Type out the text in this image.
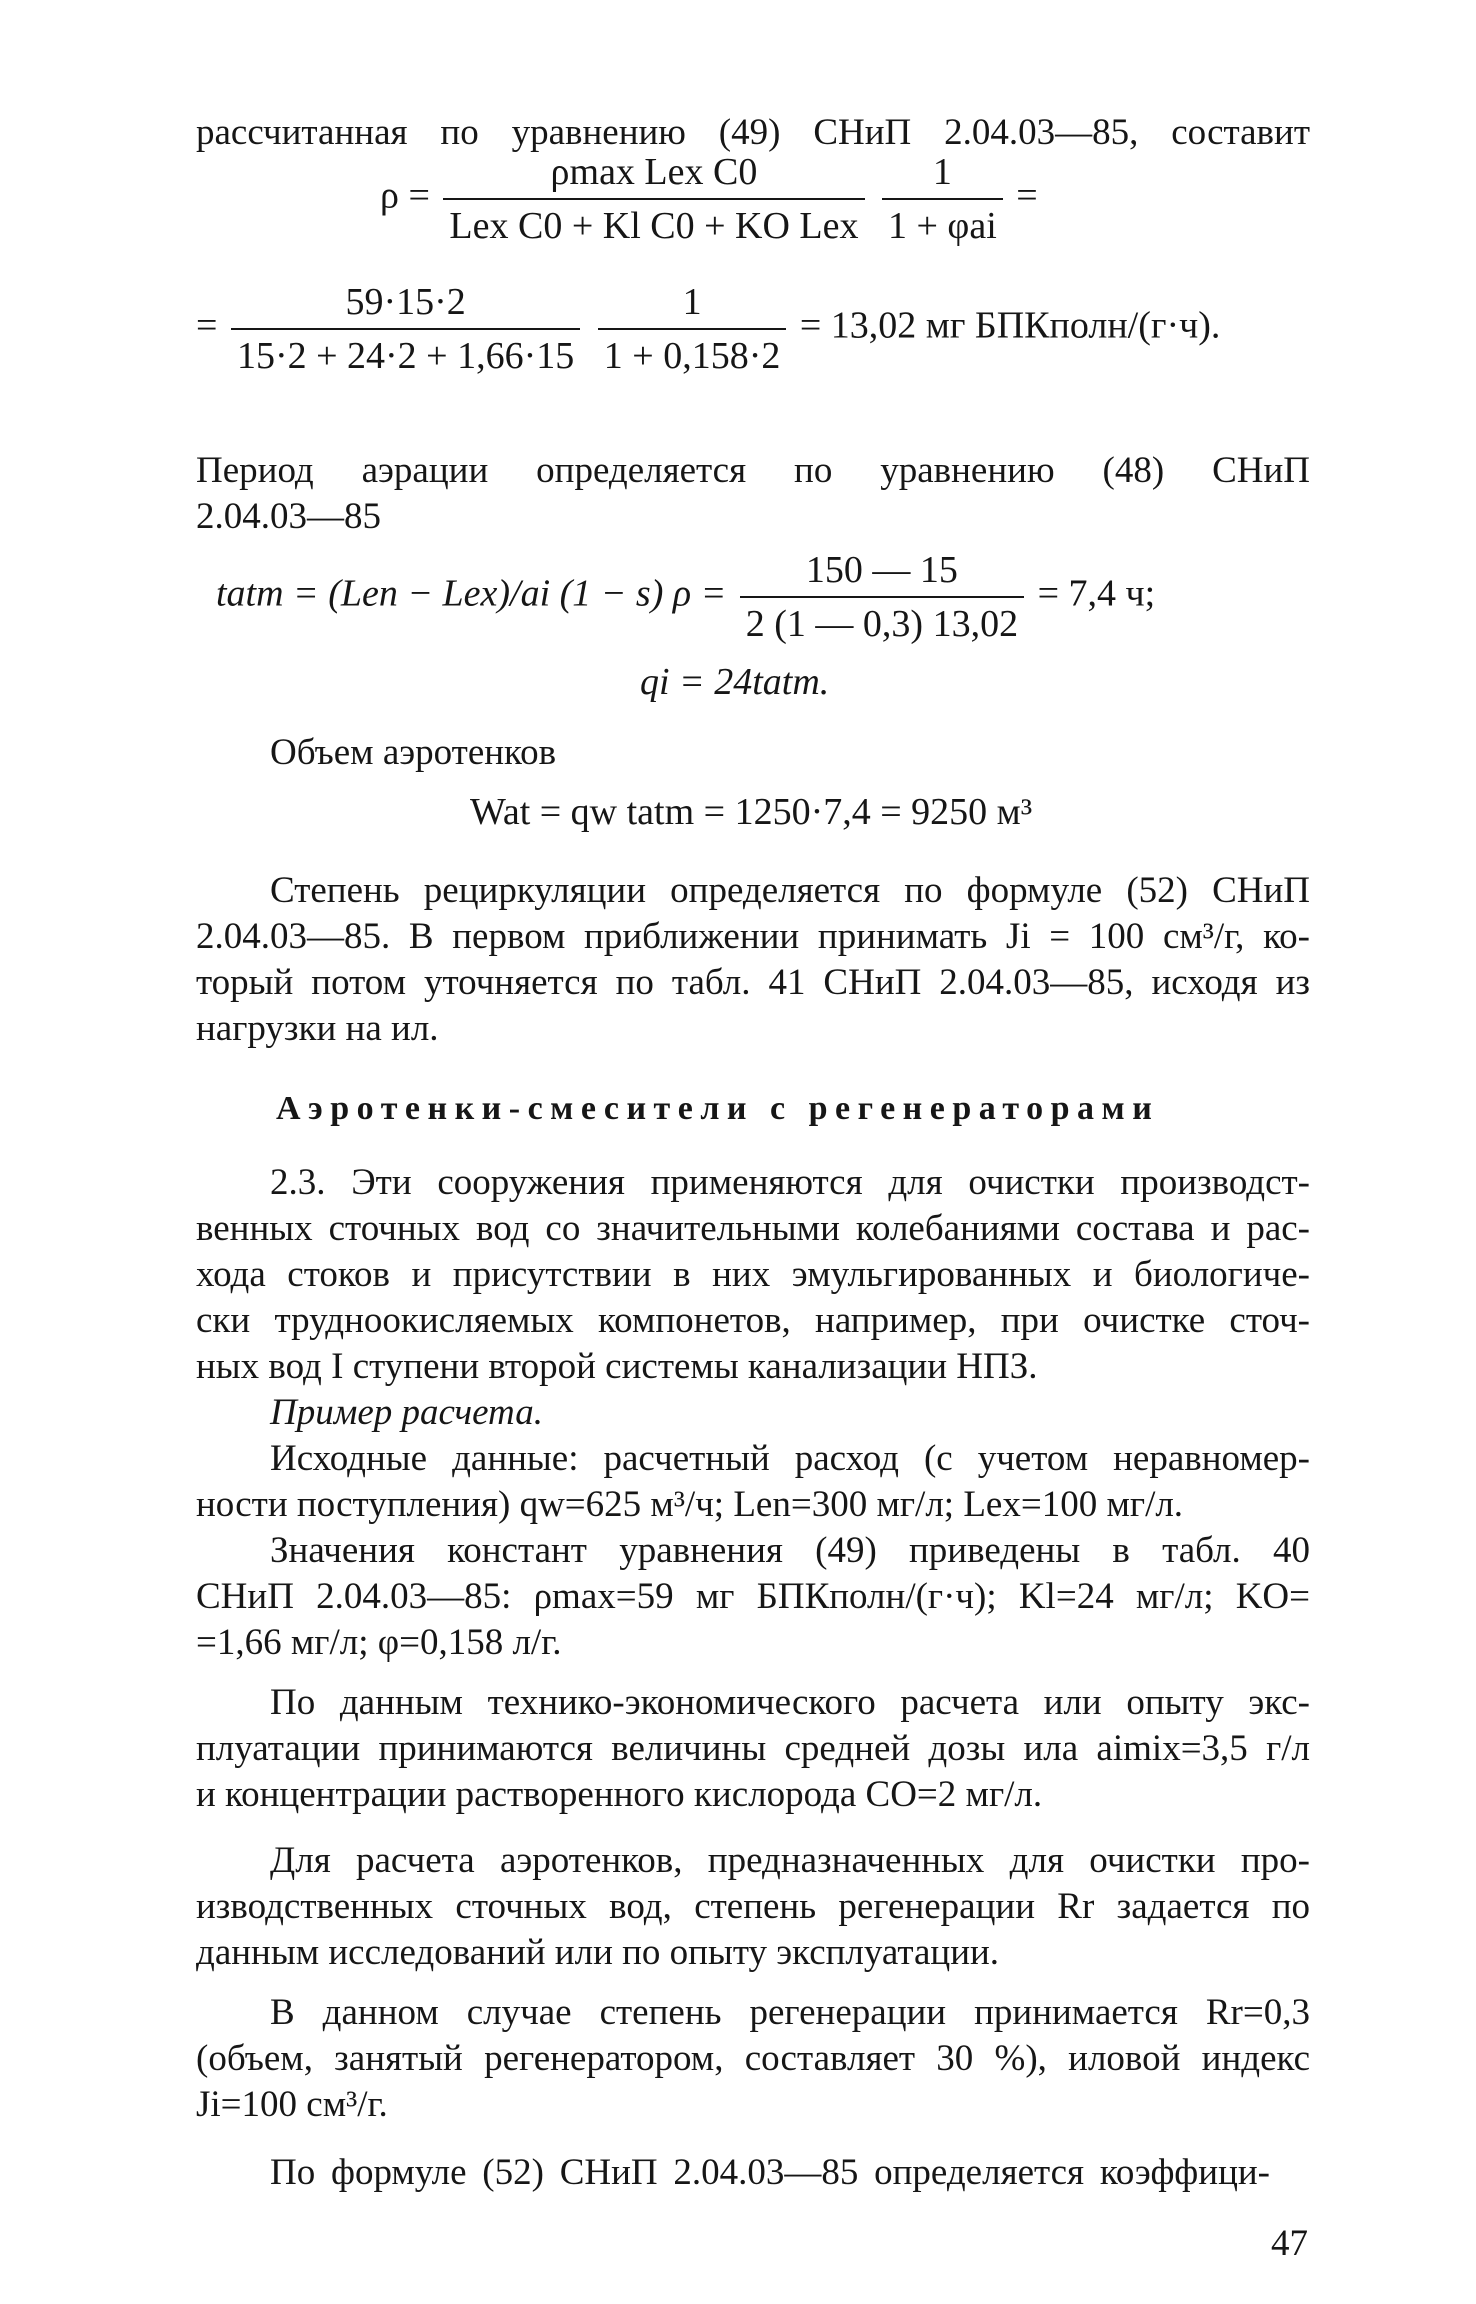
рассчитанная по уравнению (49) СНиП 2.04.03—85, составит
$\rho = \frac{\text{ρmax Lex C0}}{\text{Lex C0 + Kl C0 + KO Lex}}$
$\frac{1}{\text{1 + φai}}$ =
= $\frac{59\cdot 15\cdot 2}{15\cdot 2 + 24\cdot 2 + 1,66\cdot 15}$
$\frac{1}{1 + 0,158\cdot 2} = 13,02$ мг БПКполн/(г·ч).
Период аэрации определяется по уравнению (48) СНиП
2.04.03—85
tatm = (Len − Lex)/ai (1 − s) $\rho = \frac{150 — 15}{2 (1 — 0,3) 13,02} = 7,4$ ч;
qi = 24tatm.
Объем аэротенков
Wat = qw tatm = 1250·7,4 = 9250 м³
Степень рециркуляции определяется по формуле (52) СНиП
2.04.03—85. В первом приближении принимать Ji = 100 см³/г, ко-
торый потом уточняется по табл. 41 СНиП 2.04.03—85, исходя из
нагрузки на ил.
Аэротенки-смесители с регенераторами
2.3. Эти сооружения применяются для очистки производст-
венных сточных вод со значительными колебаниями состава и рас-
хода стоков и присутствии в них эмульгированных и биологиче-
ски трудноокисляемых компонетов, например, при очистке сточ-
ных вод I ступени второй системы канализации НПЗ.
Пример расчета.
Исходные данные: расчетный расход (с учетом неравномер-
ности поступления) qw=625 м³/ч; Len=300 мг/л; Lex=100 мг/л.
Значения констант уравнения (49) приведены в табл. 40
СНиП 2.04.03—85: ρmax=59 мг БПКполн/(г·ч); Kl=24 мг/л; KO=
=1,66 мг/л; φ=0,158 л/г.
По данным технико-экономического расчета или опыту экс-
плуатации принимаются величины средней дозы ила aimix=3,5 г/л
и концентрации растворенного кислорода CO=2 мг/л.
Для расчета аэротенков, предназначенных для очистки про-
изводственных сточных вод, степень регенерации Rr задается по
данным исследований или по опыту эксплуатации.
В данном случае степень регенерации принимается Rr=0,3
(объем, занятый регенератором, составляет 30 %), иловой индекс
Ji=100 см³/г.
По формуле (52) СНиП 2.04.03—85 определяется коэффици-
47
